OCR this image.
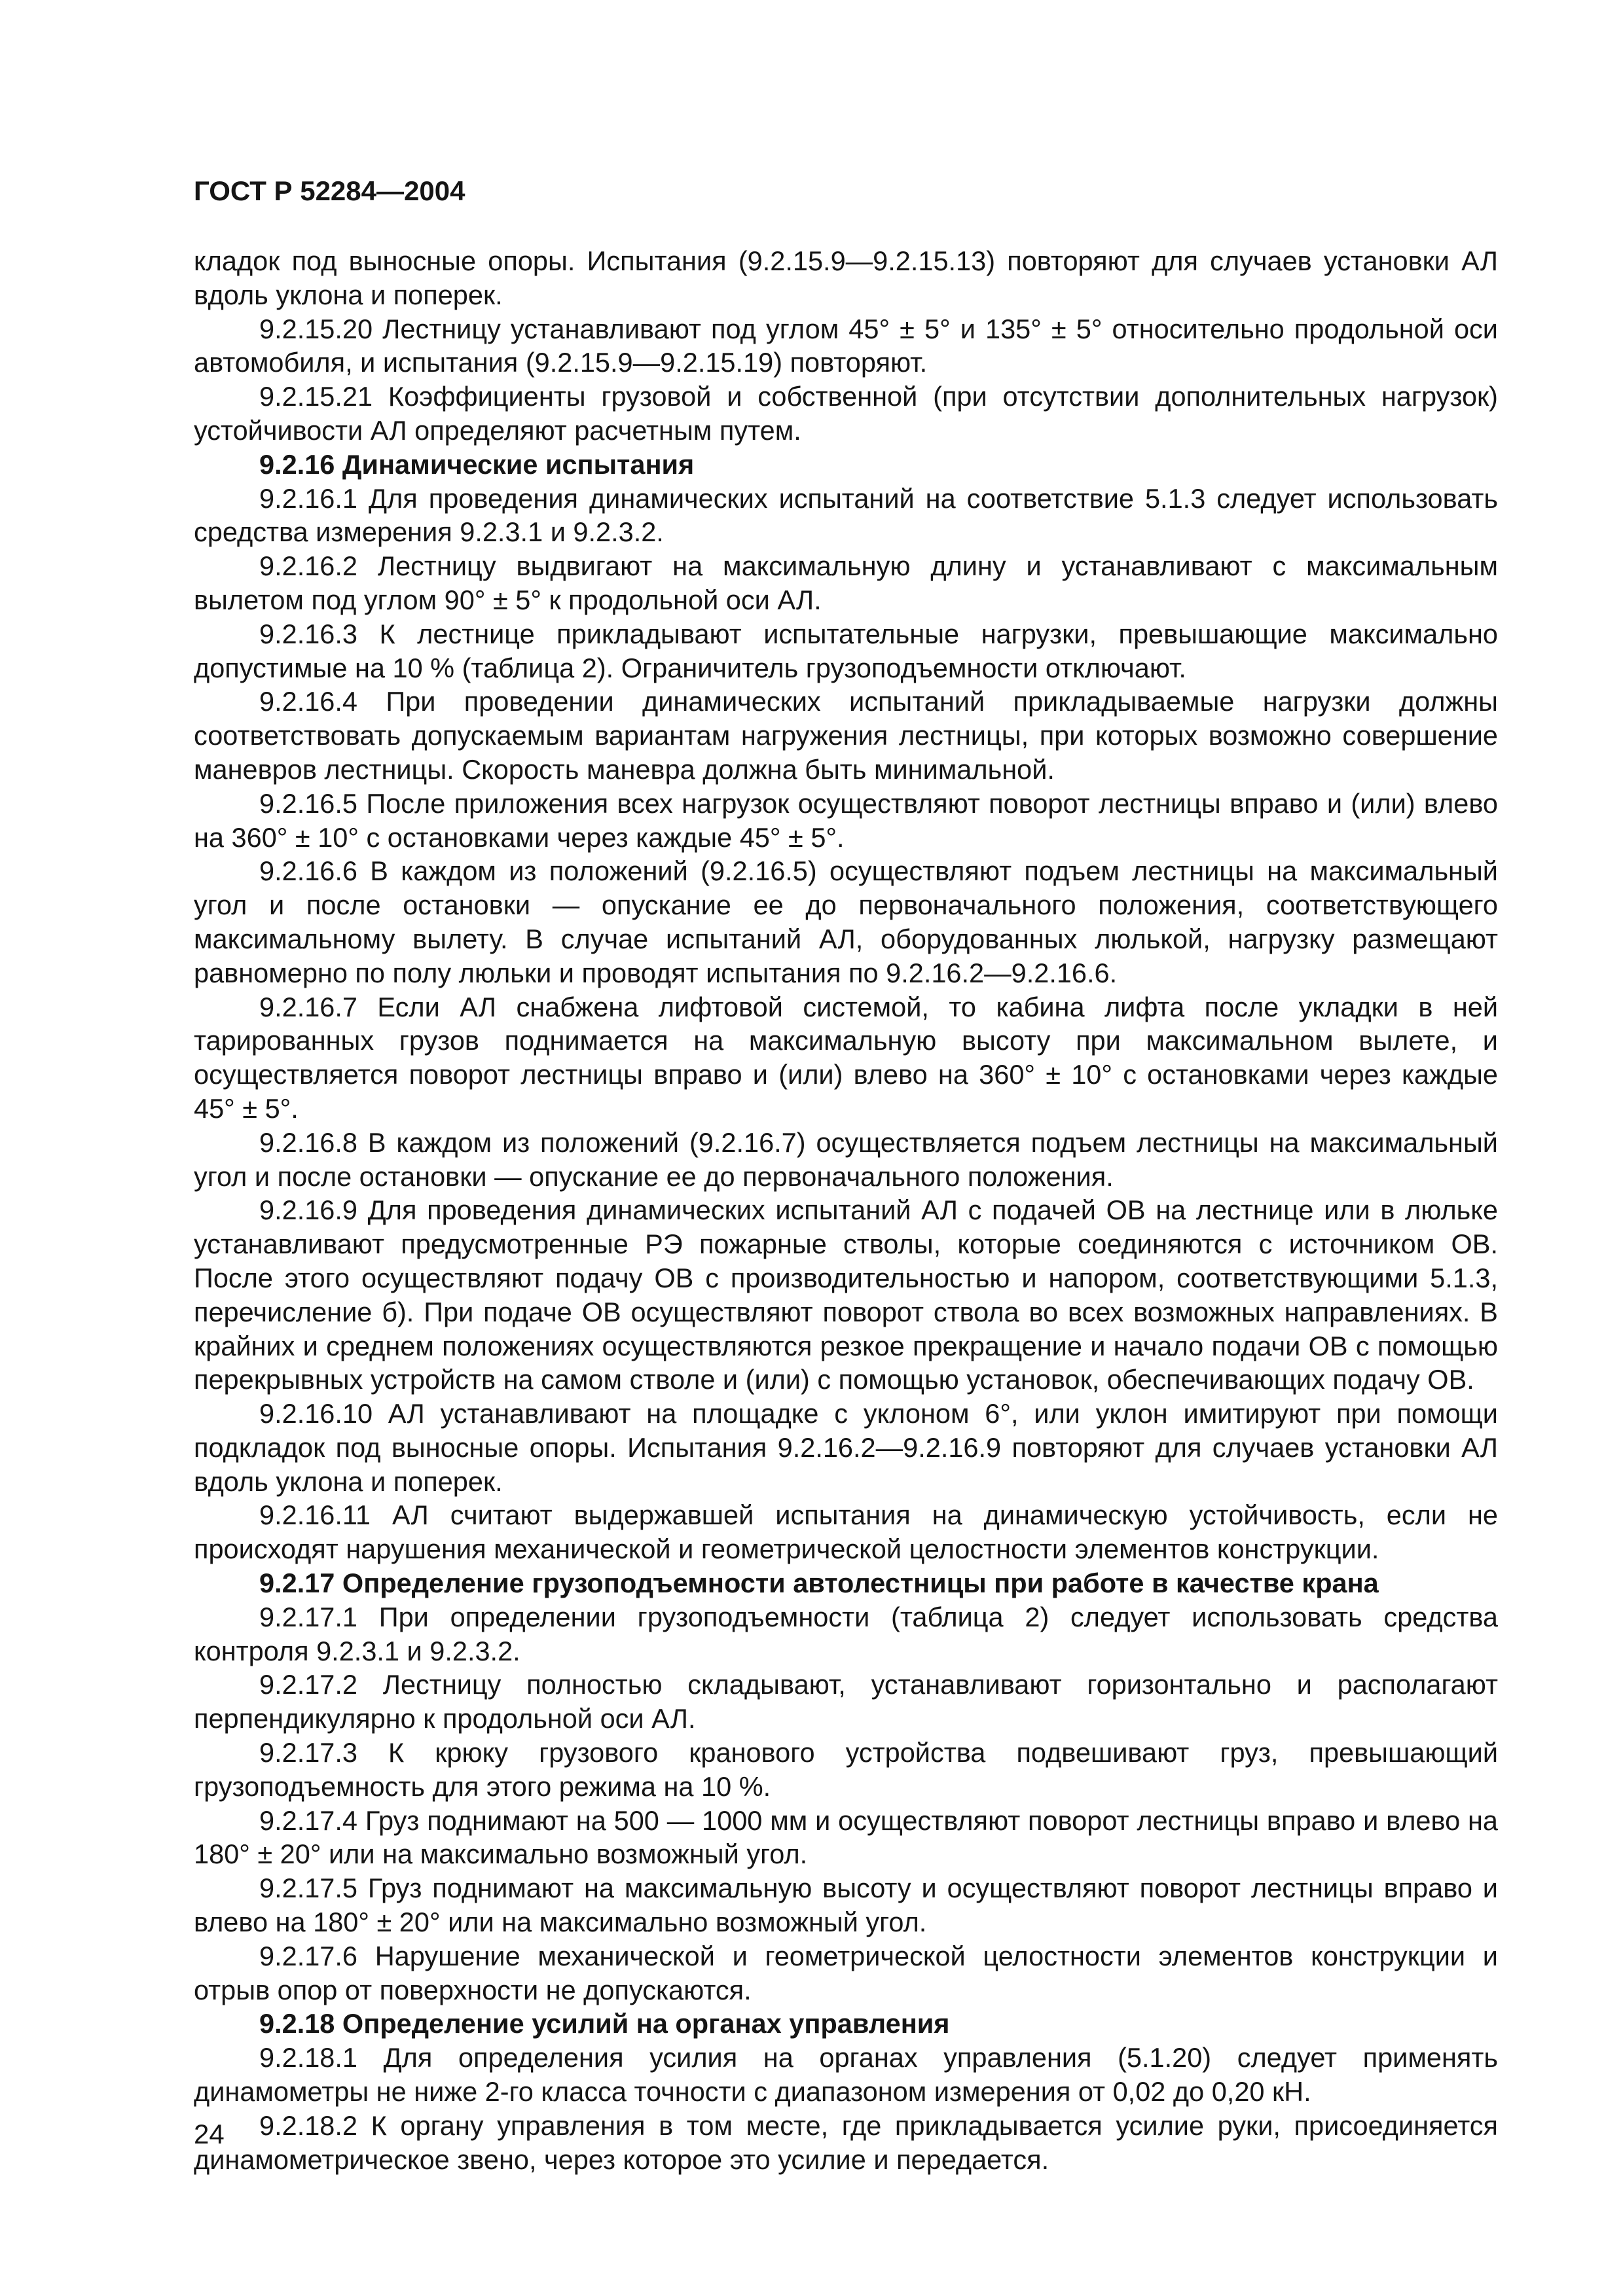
ГОСТ Р 52284—2004

кладок под выносные опоры. Испытания (9.2.15.9—9.2.15.13) повторяют для случаев установки АЛ вдоль уклона и поперек.

9.2.15.20 Лестницу устанавливают под углом 45° ± 5° и 135° ± 5° относительно продольной оси автомобиля, и испытания (9.2.15.9—9.2.15.19) повторяют.

9.2.15.21 Коэффициенты грузовой и собственной (при отсутствии дополнительных нагрузок) устойчивости АЛ определяют расчетным путем.

9.2.16 Динамические испытания

9.2.16.1 Для проведения динамических испытаний на соответствие 5.1.3 следует использовать средства измерения 9.2.3.1 и 9.2.3.2.

9.2.16.2 Лестницу выдвигают на максимальную длину и устанавливают с максимальным вылетом под углом 90° ± 5° к продольной оси АЛ.

9.2.16.3 К лестнице прикладывают испытательные нагрузки, превышающие максимально допустимые на 10 % (таблица 2). Ограничитель грузоподъемности отключают.

9.2.16.4 При проведении динамических испытаний прикладываемые нагрузки должны соответствовать допускаемым вариантам нагружения лестницы, при которых возможно совершение маневров лестницы. Скорость маневра должна быть минимальной.

9.2.16.5 После приложения всех нагрузок осуществляют поворот лестницы вправо и (или) влево на 360° ± 10° с остановками через каждые 45° ± 5°.

9.2.16.6 В каждом из положений (9.2.16.5) осуществляют подъем лестницы на максимальный угол и после остановки — опускание ее до первоначального положения, соответствующего максимальному вылету. В случае испытаний АЛ, оборудованных люлькой, нагрузку размещают равномерно по полу люльки и проводят испытания по 9.2.16.2—9.2.16.6.

9.2.16.7 Если АЛ снабжена лифтовой системой, то кабина лифта после укладки в ней тарированных грузов поднимается на максимальную высоту при максимальном вылете, и осуществляется поворот лестницы вправо и (или) влево на 360° ± 10° с остановками через каждые 45° ± 5°.

9.2.16.8 В каждом из положений (9.2.16.7) осуществляется подъем лестницы на максимальный угол и после остановки — опускание ее до первоначального положения.

9.2.16.9 Для проведения динамических испытаний АЛ с подачей ОВ на лестнице или в люльке устанавливают предусмотренные РЭ пожарные стволы, которые соединяются с источником ОВ. После этого осуществляют подачу ОВ с производительностью и напором, соответствующими 5.1.3, перечисление б). При подаче ОВ осуществляют поворот ствола во всех возможных направлениях. В крайних и среднем положениях осуществляются резкое прекращение и начало подачи ОВ с помощью перекрывных устройств на самом стволе и (или) с помощью установок, обеспечивающих подачу ОВ.

9.2.16.10 АЛ устанавливают на площадке с уклоном 6°, или уклон имитируют при помощи подкладок под выносные опоры. Испытания 9.2.16.2—9.2.16.9 повторяют для случаев установки АЛ вдоль уклона и поперек.

9.2.16.11 АЛ считают выдержавшей испытания на динамическую устойчивость, если не происходят нарушения механической и геометрической целостности элементов конструкции.

9.2.17 Определение грузоподъемности автолестницы при работе в качестве крана

9.2.17.1 При определении грузоподъемности (таблица 2) следует использовать средства контроля 9.2.3.1 и 9.2.3.2.

9.2.17.2 Лестницу полностью складывают, устанавливают горизонтально и располагают перпендикулярно к продольной оси АЛ.

9.2.17.3 К крюку грузового кранового устройства подвешивают груз, превышающий грузоподъемность для этого режима на 10 %.

9.2.17.4 Груз поднимают на 500 — 1000 мм и осуществляют поворот лестницы вправо и влево на 180° ± 20° или на максимально возможный угол.

9.2.17.5 Груз поднимают на максимальную высоту и осуществляют поворот лестницы вправо и влево на 180° ± 20° или на максимально возможный угол.

9.2.17.6 Нарушение механической и геометрической целостности элементов конструкции и отрыв опор от поверхности не допускаются.

9.2.18 Определение усилий на органах управления

9.2.18.1 Для определения усилия на органах управления (5.1.20) следует применять динамометры не ниже 2-го класса точности с диапазоном измерения от 0,02 до 0,20 кН.

9.2.18.2 К органу управления в том месте, где прикладывается усилие руки, присоединяется динамометрическое звено, через которое это усилие и передается.

24
